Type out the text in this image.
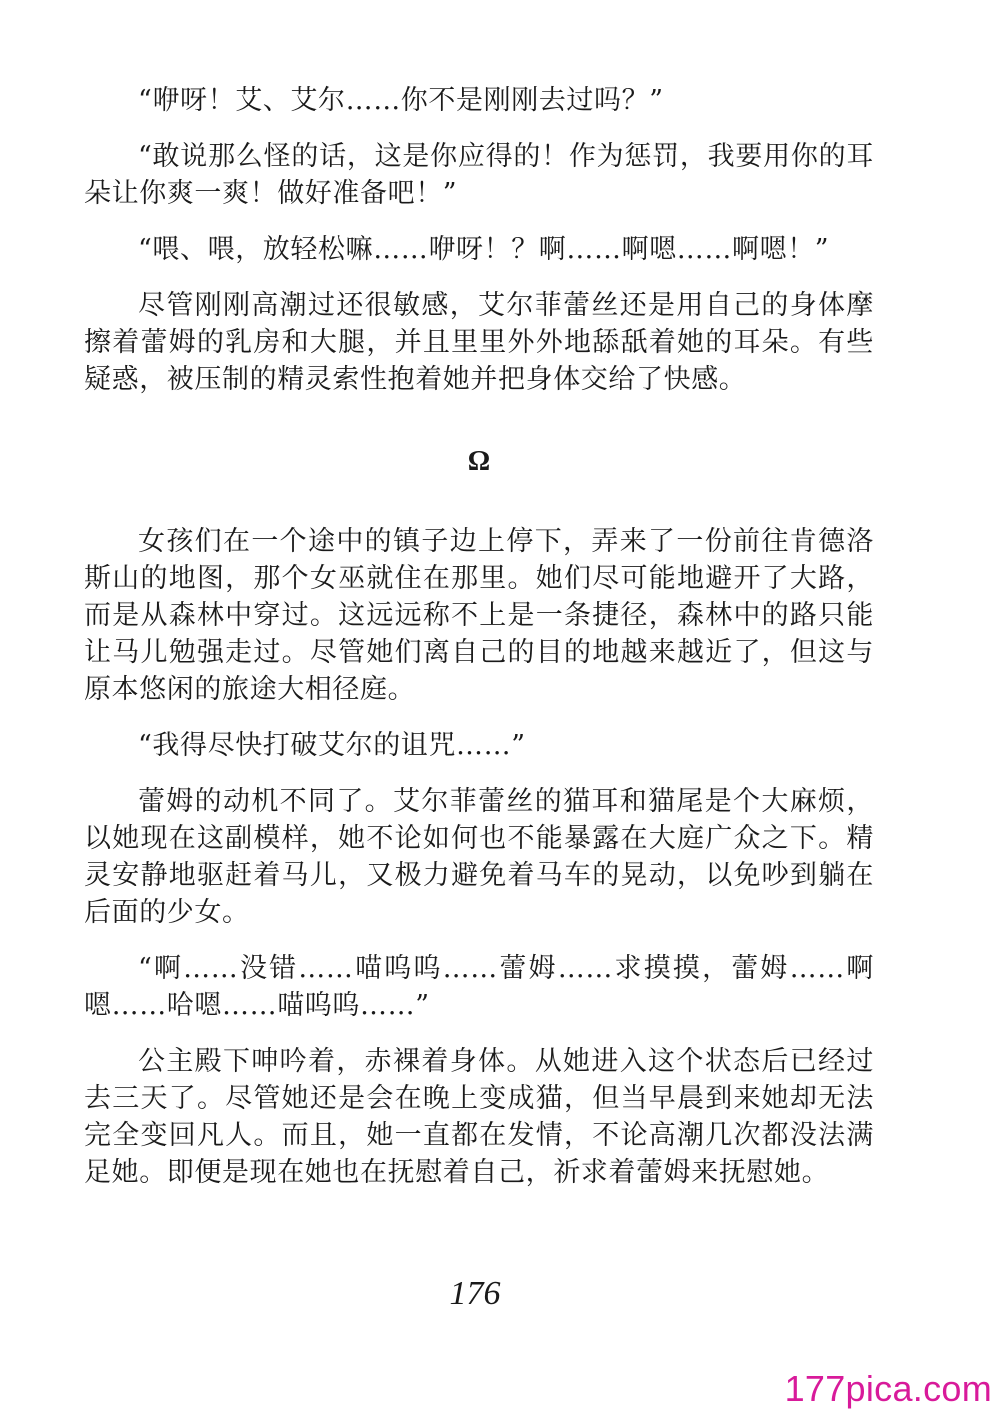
“咿呀！艾、艾尔……你不是刚刚去过吗？”

“敢说那么怪的话，这是你应得的！作为惩罚，我要用你的耳朵让你爽一爽！做好准备吧！”

“喂、喂，放轻松嘛……咿呀！？啊……啊嗯……啊嗯！”

尽管刚刚高潮过还很敏感，艾尔菲蕾丝还是用自己的身体摩擦着蕾姆的乳房和大腿，并且里里外外地舔舐着她的耳朵。有些疑惑，被压制的精灵索性抱着她并把身体交给了快感。

Ω

女孩们在一个途中的镇子边上停下，弄来了一份前往肯德洛斯山的地图，那个女巫就住在那里。她们尽可能地避开了大路，而是从森林中穿过。这远远称不上是一条捷径，森林中的路只能让马儿勉强走过。尽管她们离自己的目的地越来越近了，但这与原本悠闲的旅途大相径庭。

“我得尽快打破艾尔的诅咒……”

蕾姆的动机不同了。艾尔菲蕾丝的猫耳和猫尾是个大麻烦，以她现在这副模样，她不论如何也不能暴露在大庭广众之下。精灵安静地驱赶着马儿，又极力避免着马车的晃动，以免吵到躺在后面的少女。

“啊……没错……喵呜呜……蕾姆……求摸摸，蕾姆……啊嗯……哈嗯……喵呜呜……”

公主殿下呻吟着，赤裸着身体。从她进入这个状态后已经过去三天了。尽管她还是会在晚上变成猫，但当早晨到来她却无法完全变回凡人。而且，她一直都在发情，不论高潮几次都没法满足她。即便是现在她也在抚慰着自己，祈求着蕾姆来抚慰她。

176
177pica.com
